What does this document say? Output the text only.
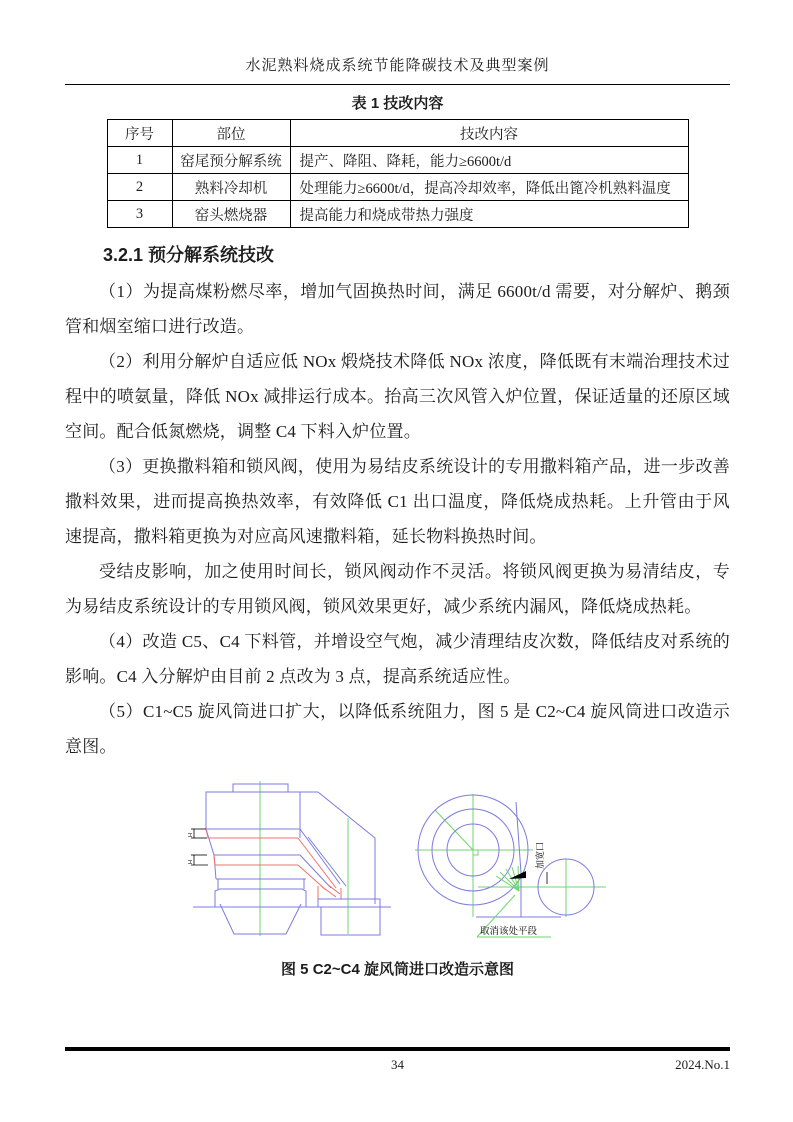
水泥熟料烧成系统节能降碳技术及典型案例
表 1 技改内容
序号	部位	技改内容
1	窑尾预分解系统	提产、降阻、降耗，能力≥6600t/d
2	熟料冷却机	处理能力≥6600t/d，提高冷却效率，降低出篦冷机熟料温度
3	窑头燃烧器	提高能力和烧成带热力强度
3.2.1 预分解系统技改

（1）为提高煤粉燃尽率，增加气固换热时间，满足 6600t/d 需要，对分解炉、鹅颈管和烟室缩口进行改造。

（2）利用分解炉自适应低 NOx 煅烧技术降低 NOx 浓度，降低既有末端治理技术过程中的喷氨量，降低 NOx 减排运行成本。抬高三次风管入炉位置，保证适量的还原区域空间。配合低氮燃烧，调整 C4 下料入炉位置。

（3）更换撒料箱和锁风阀，使用为易结皮系统设计的专用撒料箱产品，进一步改善撒料效果，进而提高换热效率，有效降低 C1 出口温度，降低烧成热耗。上升管由于风速提高，撒料箱更换为对应高风速撒料箱，延长物料换热时间。

受结皮影响，加之使用时间长，锁风阀动作不灵活。将锁风阀更换为易清结皮，专为易结皮系统设计的专用锁风阀，锁风效果更好，减少系统内漏风，降低烧成热耗。

（4）改造 C5、C4 下料管，并增设空气炮，减少清理结皮次数，降低结皮对系统的影响。C4 入分解炉由目前 2 点改为 3 点，提高系统适应性。

（5）C1~C5 旋风筒进口扩大，以降低系统阻力，图 5 是 C2~C4 旋风筒进口改造示意图。

H
H	加宽口
取消该处平段
图 5 C2~C4 旋风筒进口改造示意图
34	2024.No.1
